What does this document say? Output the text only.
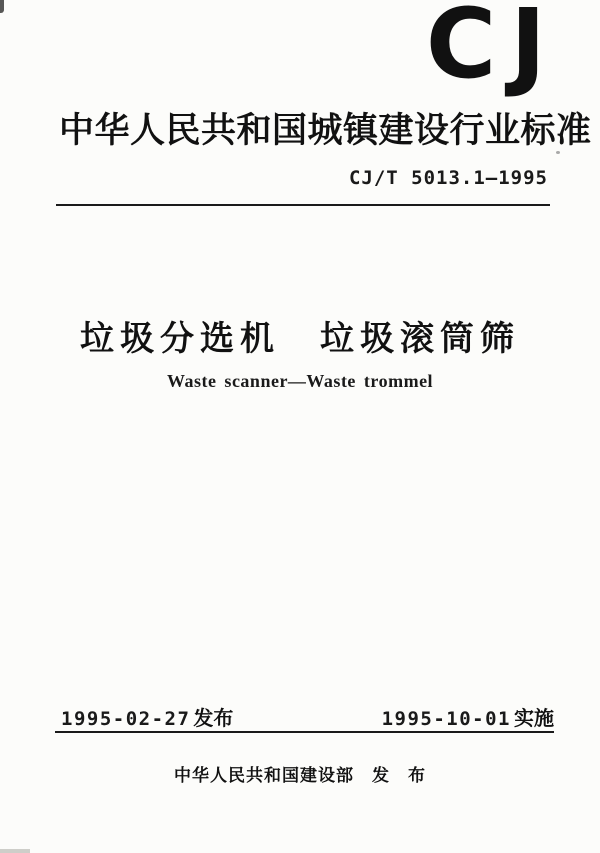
CJ
中华人民共和国城镇建设行业标准
CJ/T 5013.1—1995
垃圾分选机　垃圾滚筒筛
Waste scanner—Waste trommel
1995-02-27 发布	1995-10-01 实施
中华人民共和国建设部　发　布
